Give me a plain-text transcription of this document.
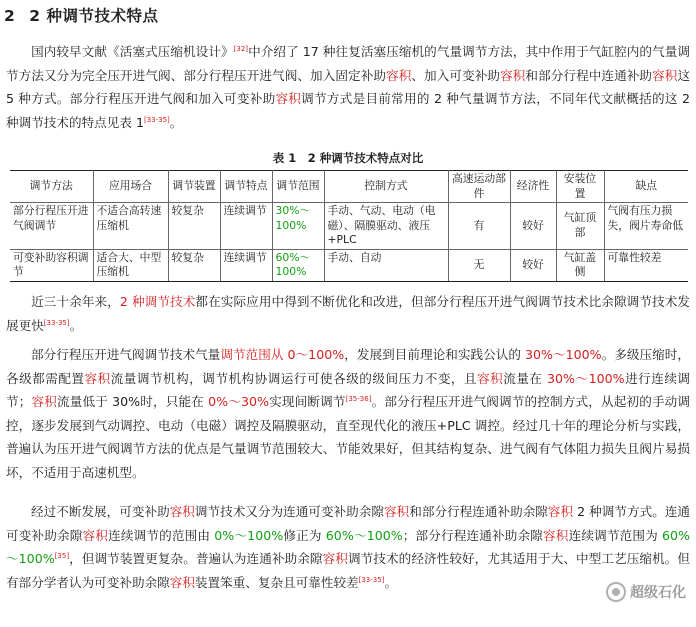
2 2 种调节技术特点

国内较早文献《活塞式压缩机设计》[32]中介绍了 17 种往复活塞压缩机的气量调节方法，其中作用于气缸腔内的气量调节方法又分为完全压开进气阀、部分行程压开进气阀、加入固定补助容积、加入可变补助容积和部分行程中连通补助容积这 5 种方式。部分行程压开进气阀和加入可变补助容积调节方式是目前常用的 2 种气量调节方法，不同年代文献概括的这 2 种调节技术的特点见表 1[33-35]。

表 1　2 种调节技术特点对比
调节方法	应用场合	调节装置	调节特点	调节范围	控制方式	高速运动部件	经济性	安装位置	缺点
部分行程压开进气阀调节	不适合高转速压缩机	较复杂	连续调节	30%～100%	手动、气动、电动（电磁）、隔膜驱动、液压+PLC	有	较好	气缸顶部	气阀有压力损失，阀片寿命低
可变补助容积调节	适合大、中型压缩机	较复杂	连续调节	60%～100%	手动、自动	无	较好	气缸盖侧	可靠性较差

近三十余年来，2 种调节技术都在实际应用中得到不断优化和改进，但部分行程压开进气阀调节技术比余隙调节技术发展更快[33-35]。

部分行程压开进气阀调节技术气量调节范围从 0～100%，发展到目前理论和实践公认的 30%～100%。多级压缩时，各级都需配置容积流量调节机构，调节机构协调运行可使各级的级间压力不变，且容积流量在 30%～100%进行连续调节；容积流量低于 30%时，只能在 0%～30%实现间断调节[35-36]。部分行程压开进气阀调节的控制方式，从起初的手动调控，逐步发展到气动调控、电动（电磁）调控及隔膜驱动，直至现代化的液压+PLC 调控。经过几十年的理论分析与实践，普遍认为压开进气阀调节方法的优点是气量调节范围较大、节能效果好，但其结构复杂、进气阀有气体阻力损失且阀片易损坏，不适用于高速机型。

经过不断发展，可变补助容积调节技术又分为连通可变补助余隙容积和部分行程连通补助余隙容积 2 种调节方式。连通可变补助余隙容积连续调节的范围由 0%～100%修正为 60%～100%；部分行程连通补助余隙容积连续调节范围为 60%～100%[35]，但调节装置更复杂。普遍认为连通补助余隙容积调节技术的经济性较好，尤其适用于大、中型工艺压缩机。但有部分学者认为可变补助余隙容积装置笨重、复杂且可靠性较差[33-35]。

超级石化
